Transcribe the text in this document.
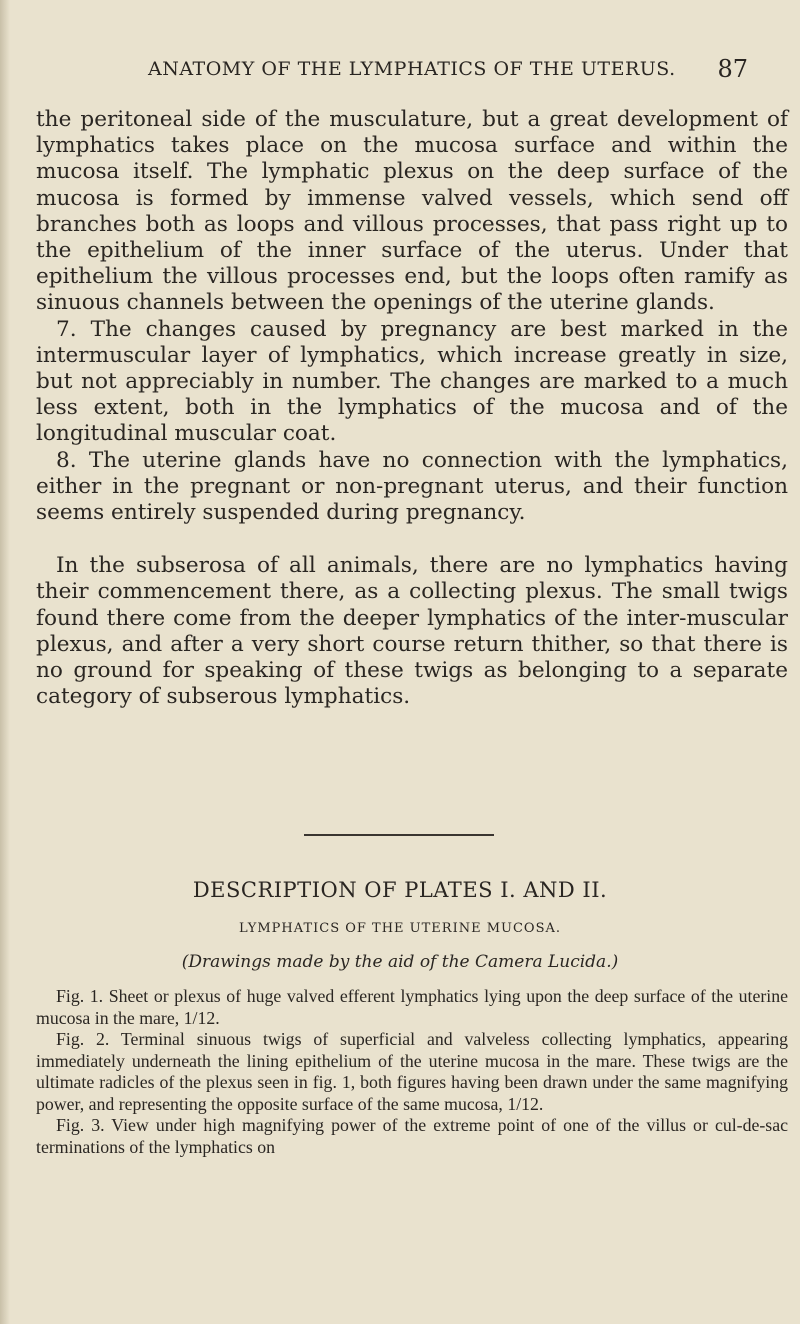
ANATOMY OF THE LYMPHATICS OF THE UTERUS. 87

the peritoneal side of the musculature, but a great development of lymphatics takes place on the mucosa surface and within the mucosa itself. The lymphatic plexus on the deep surface of the mucosa is formed by immense valved vessels, which send off branches both as loops and villous processes, that pass right up to the epithelium of the inner surface of the uterus. Under that epithelium the villous processes end, but the loops often ramify as sinuous channels between the openings of the uterine glands.

7. The changes caused by pregnancy are best marked in the intermuscular layer of lymphatics, which increase greatly in size, but not appreciably in number. The changes are marked to a much less extent, both in the lymphatics of the mucosa and of the longitudinal muscular coat.

8. The uterine glands have no connection with the lymphatics, either in the pregnant or non-pregnant uterus, and their function seems entirely suspended during pregnancy.

In the subserosa of all animals, there are no lymphatics having their commencement there, as a collecting plexus. The small twigs found there come from the deeper lymphatics of the inter-muscular plexus, and after a very short course return thither, so that there is no ground for speaking of these twigs as belonging to a separate category of subserous lymphatics.

DESCRIPTION OF PLATES I. AND II.
LYMPHATICS OF THE UTERINE MUCOSA.
(Drawings made by the aid of the Camera Lucida.)

Fig. 1. Sheet or plexus of huge valved efferent lymphatics lying upon the deep surface of the uterine mucosa in the mare, 1/12.

Fig. 2. Terminal sinuous twigs of superficial and valveless collecting lymphatics, appearing immediately underneath the lining epithelium of the uterine mucosa in the mare. These twigs are the ultimate radicles of the plexus seen in fig. 1, both figures having been drawn under the same magnifying power, and representing the opposite surface of the same mucosa, 1/12.

Fig. 3. View under high magnifying power of the extreme point of one of the villus or cul-de-sac terminations of the lymphatics on
